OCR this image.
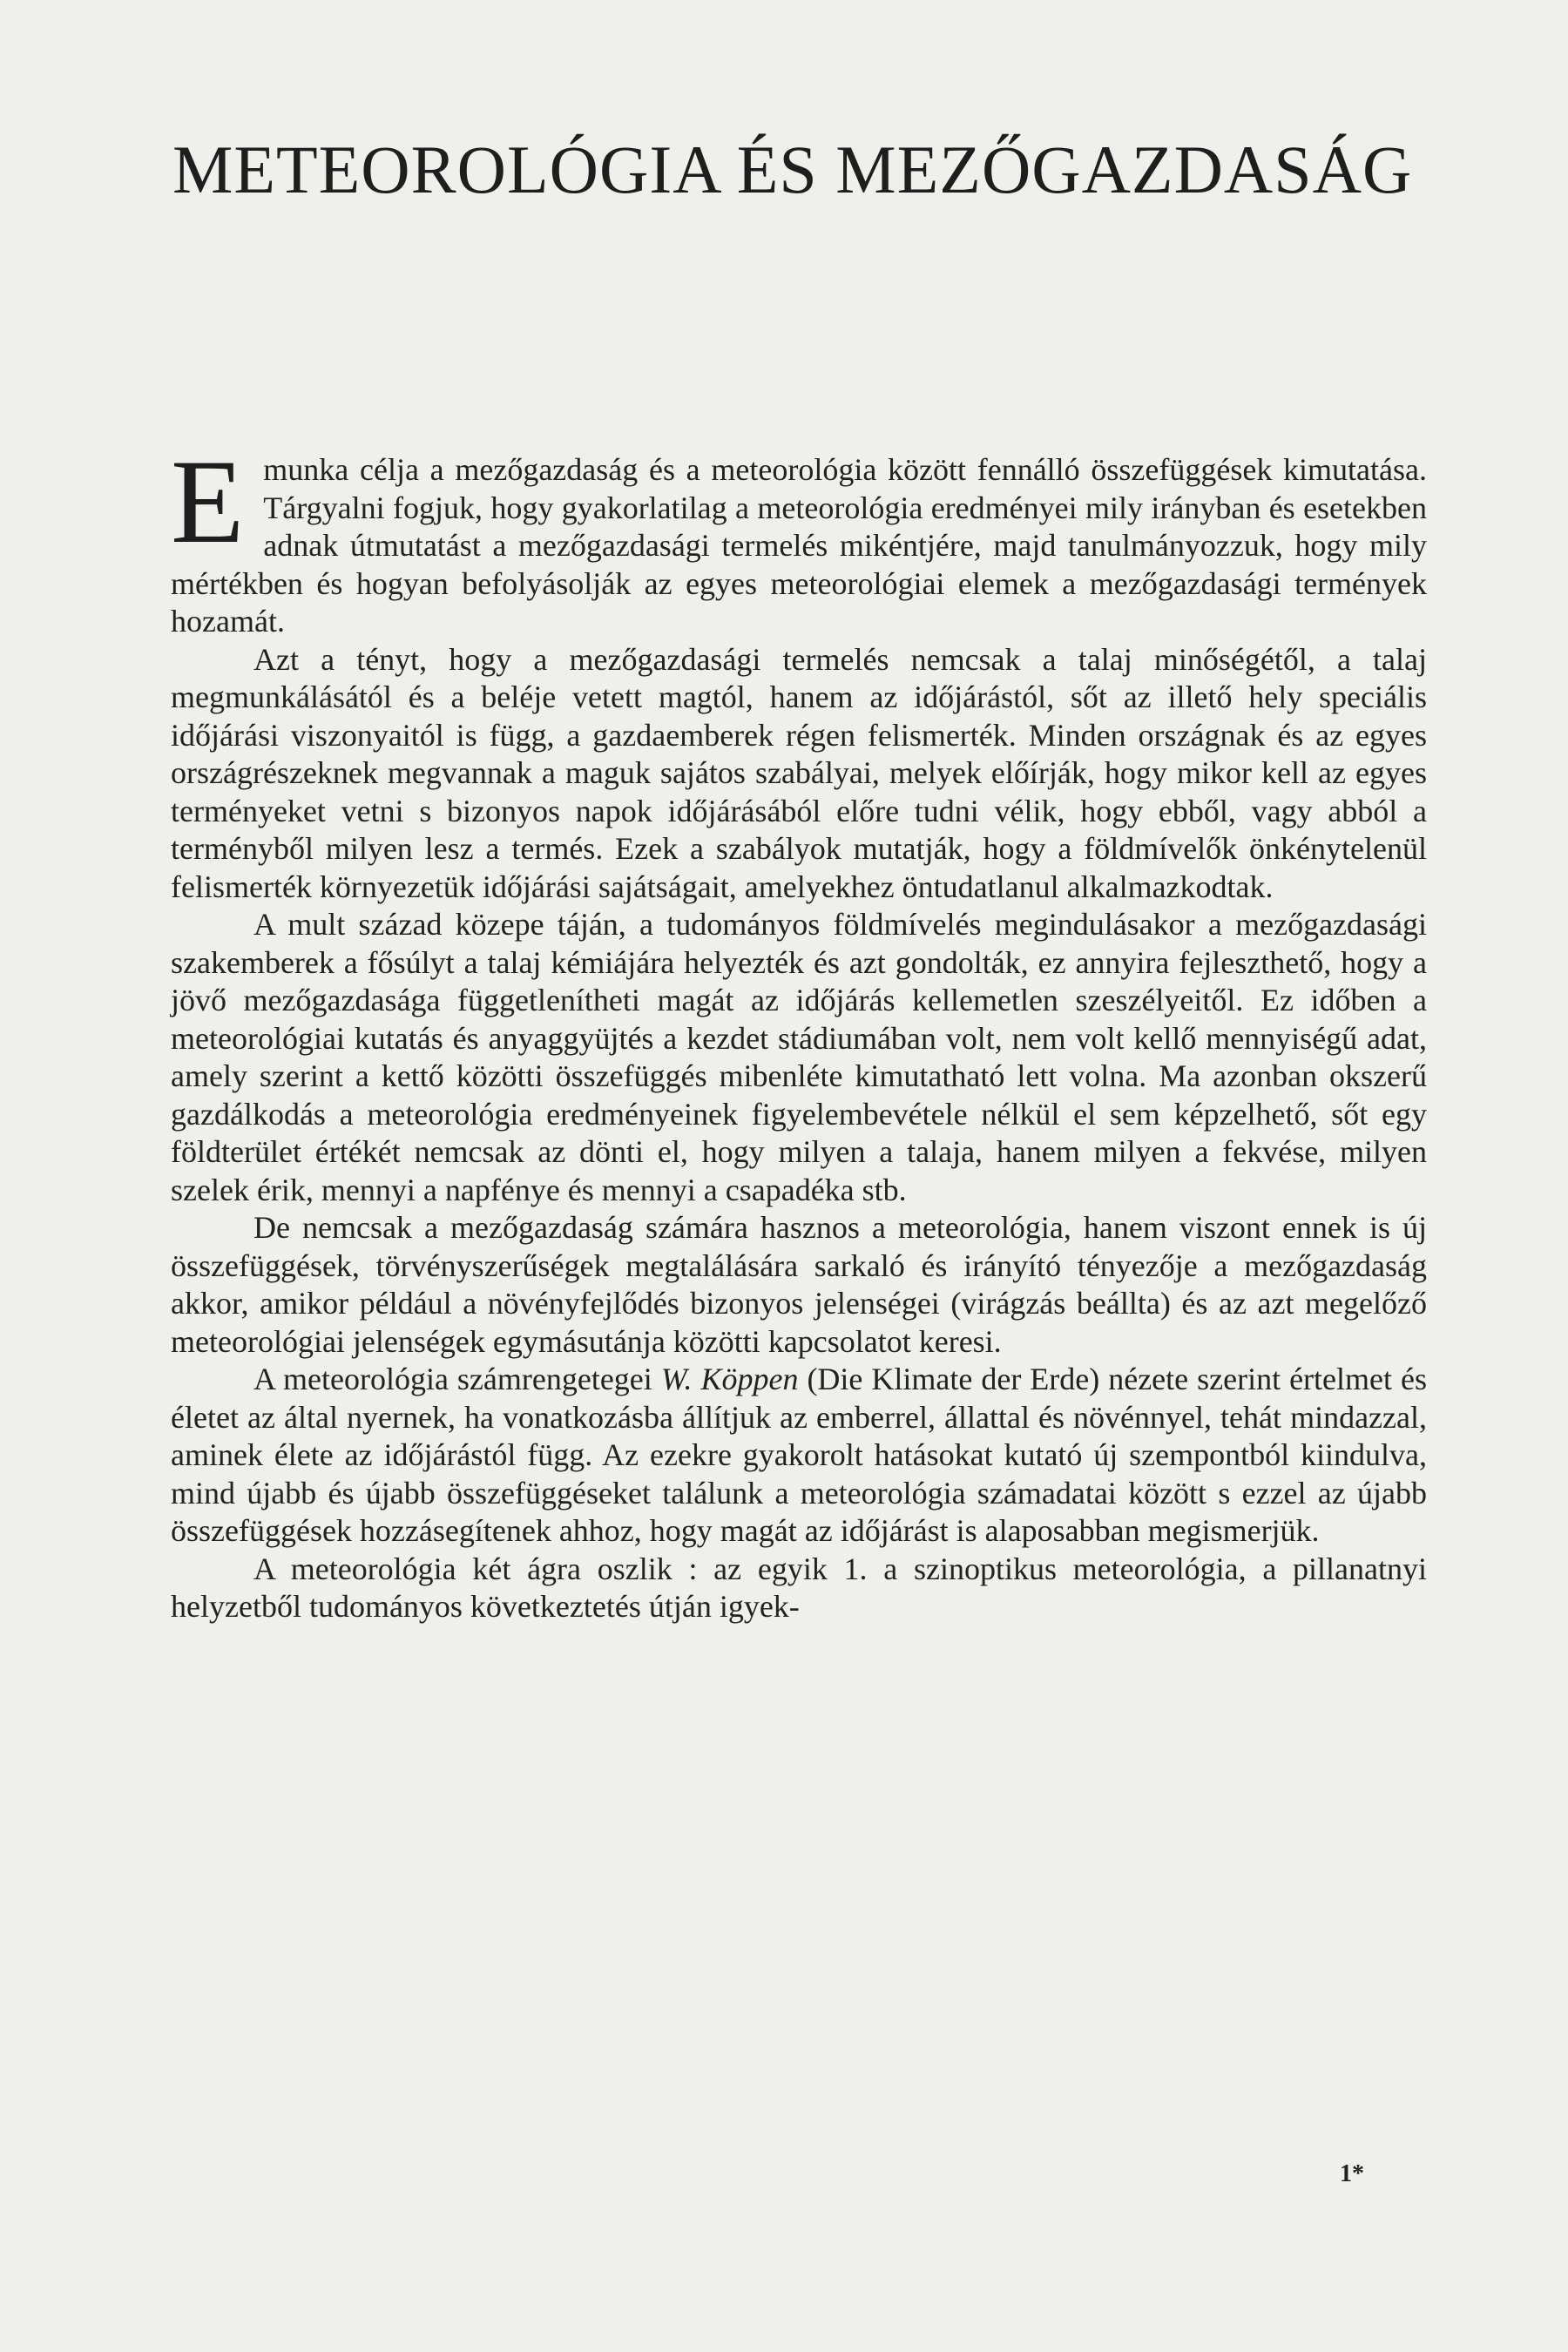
METEOROLÓGIA ÉS MEZŐGAZDASÁG

Emunka célja a mezőgazdaság és a meteorológia között fennálló összefüggések kimutatása. Tárgyalni fogjuk, hogy gyakorlatilag a meteorológia eredményei mily irányban és esetekben adnak útmutatást a mezőgazdasági termelés mikéntjére, majd tanulmányozzuk, hogy mily mértékben és hogyan befolyásolják az egyes meteorológiai elemek a mezőgazdasági termények hozamát.

Azt a tényt, hogy a mezőgazdasági termelés nemcsak a talaj minőségétől, a talaj megmunkálásától és a beléje vetett magtól, hanem az időjárástól, sőt az illető hely speciális időjárási viszonyaitól is függ, a gazdaemberek régen felismerték. Minden országnak és az egyes országrészeknek megvannak a maguk sajátos szabályai, melyek előírják, hogy mikor kell az egyes terményeket vetni s bizonyos napok időjárásából előre tudni vélik, hogy ebből, vagy abból a terményből milyen lesz a termés. Ezek a szabályok mutatják, hogy a földmívelők önkénytelenül felismerték környezetük időjárási sajátságait, amelyekhez öntudatlanul alkalmazkodtak.

A mult század közepe táján, a tudományos földmívelés megindulásakor a mezőgazdasági szakemberek a fősúlyt a talaj kémiájára helyezték és azt gondolták, ez annyira fejleszthető, hogy a jövő mezőgazdasága függetlenítheti magát az időjárás kellemetlen szeszélyeitől. Ez időben a meteorológiai kutatás és anyaggyüjtés a kezdet stádiumában volt, nem volt kellő mennyiségű adat, amely szerint a kettő közötti összefüggés mibenléte kimutatható lett volna. Ma azonban okszerű gazdálkodás a meteorológia eredményeinek figyelembevétele nélkül el sem képzelhető, sőt egy földterület értékét nemcsak az dönti el, hogy milyen a talaja, hanem milyen a fekvése, milyen szelek érik, mennyi a napfénye és mennyi a csapadéka stb.

De nemcsak a mezőgazdaság számára hasznos a meteorológia, hanem viszont ennek is új összefüggések, törvényszerűségek megtalálására sarkaló és irányító tényezője a mezőgazdaság akkor, amikor például a növényfejlődés bizonyos jelenségei (virágzás beállta) és az azt megelőző meteorológiai jelenségek egymásutánja közötti kapcsolatot keresi.

A meteorológia számrengetegei W. Köppen (Die Klimate der Erde) nézete szerint értelmet és életet az által nyernek, ha vonatkozásba állítjuk az emberrel, állattal és növénnyel, tehát mindazzal, aminek élete az időjárástól függ. Az ezekre gyakorolt hatásokat kutató új szempontból kiindulva, mind újabb és újabb összefüggéseket találunk a meteorológia számadatai között s ezzel az újabb összefüggések hozzásegítenek ahhoz, hogy magát az időjárást is alaposabban megismerjük.

A meteorológia két ágra oszlik : az egyik 1. a szinoptikus meteorológia, a pillanatnyi helyzetből tudományos következtetés útján igyek-

1*
